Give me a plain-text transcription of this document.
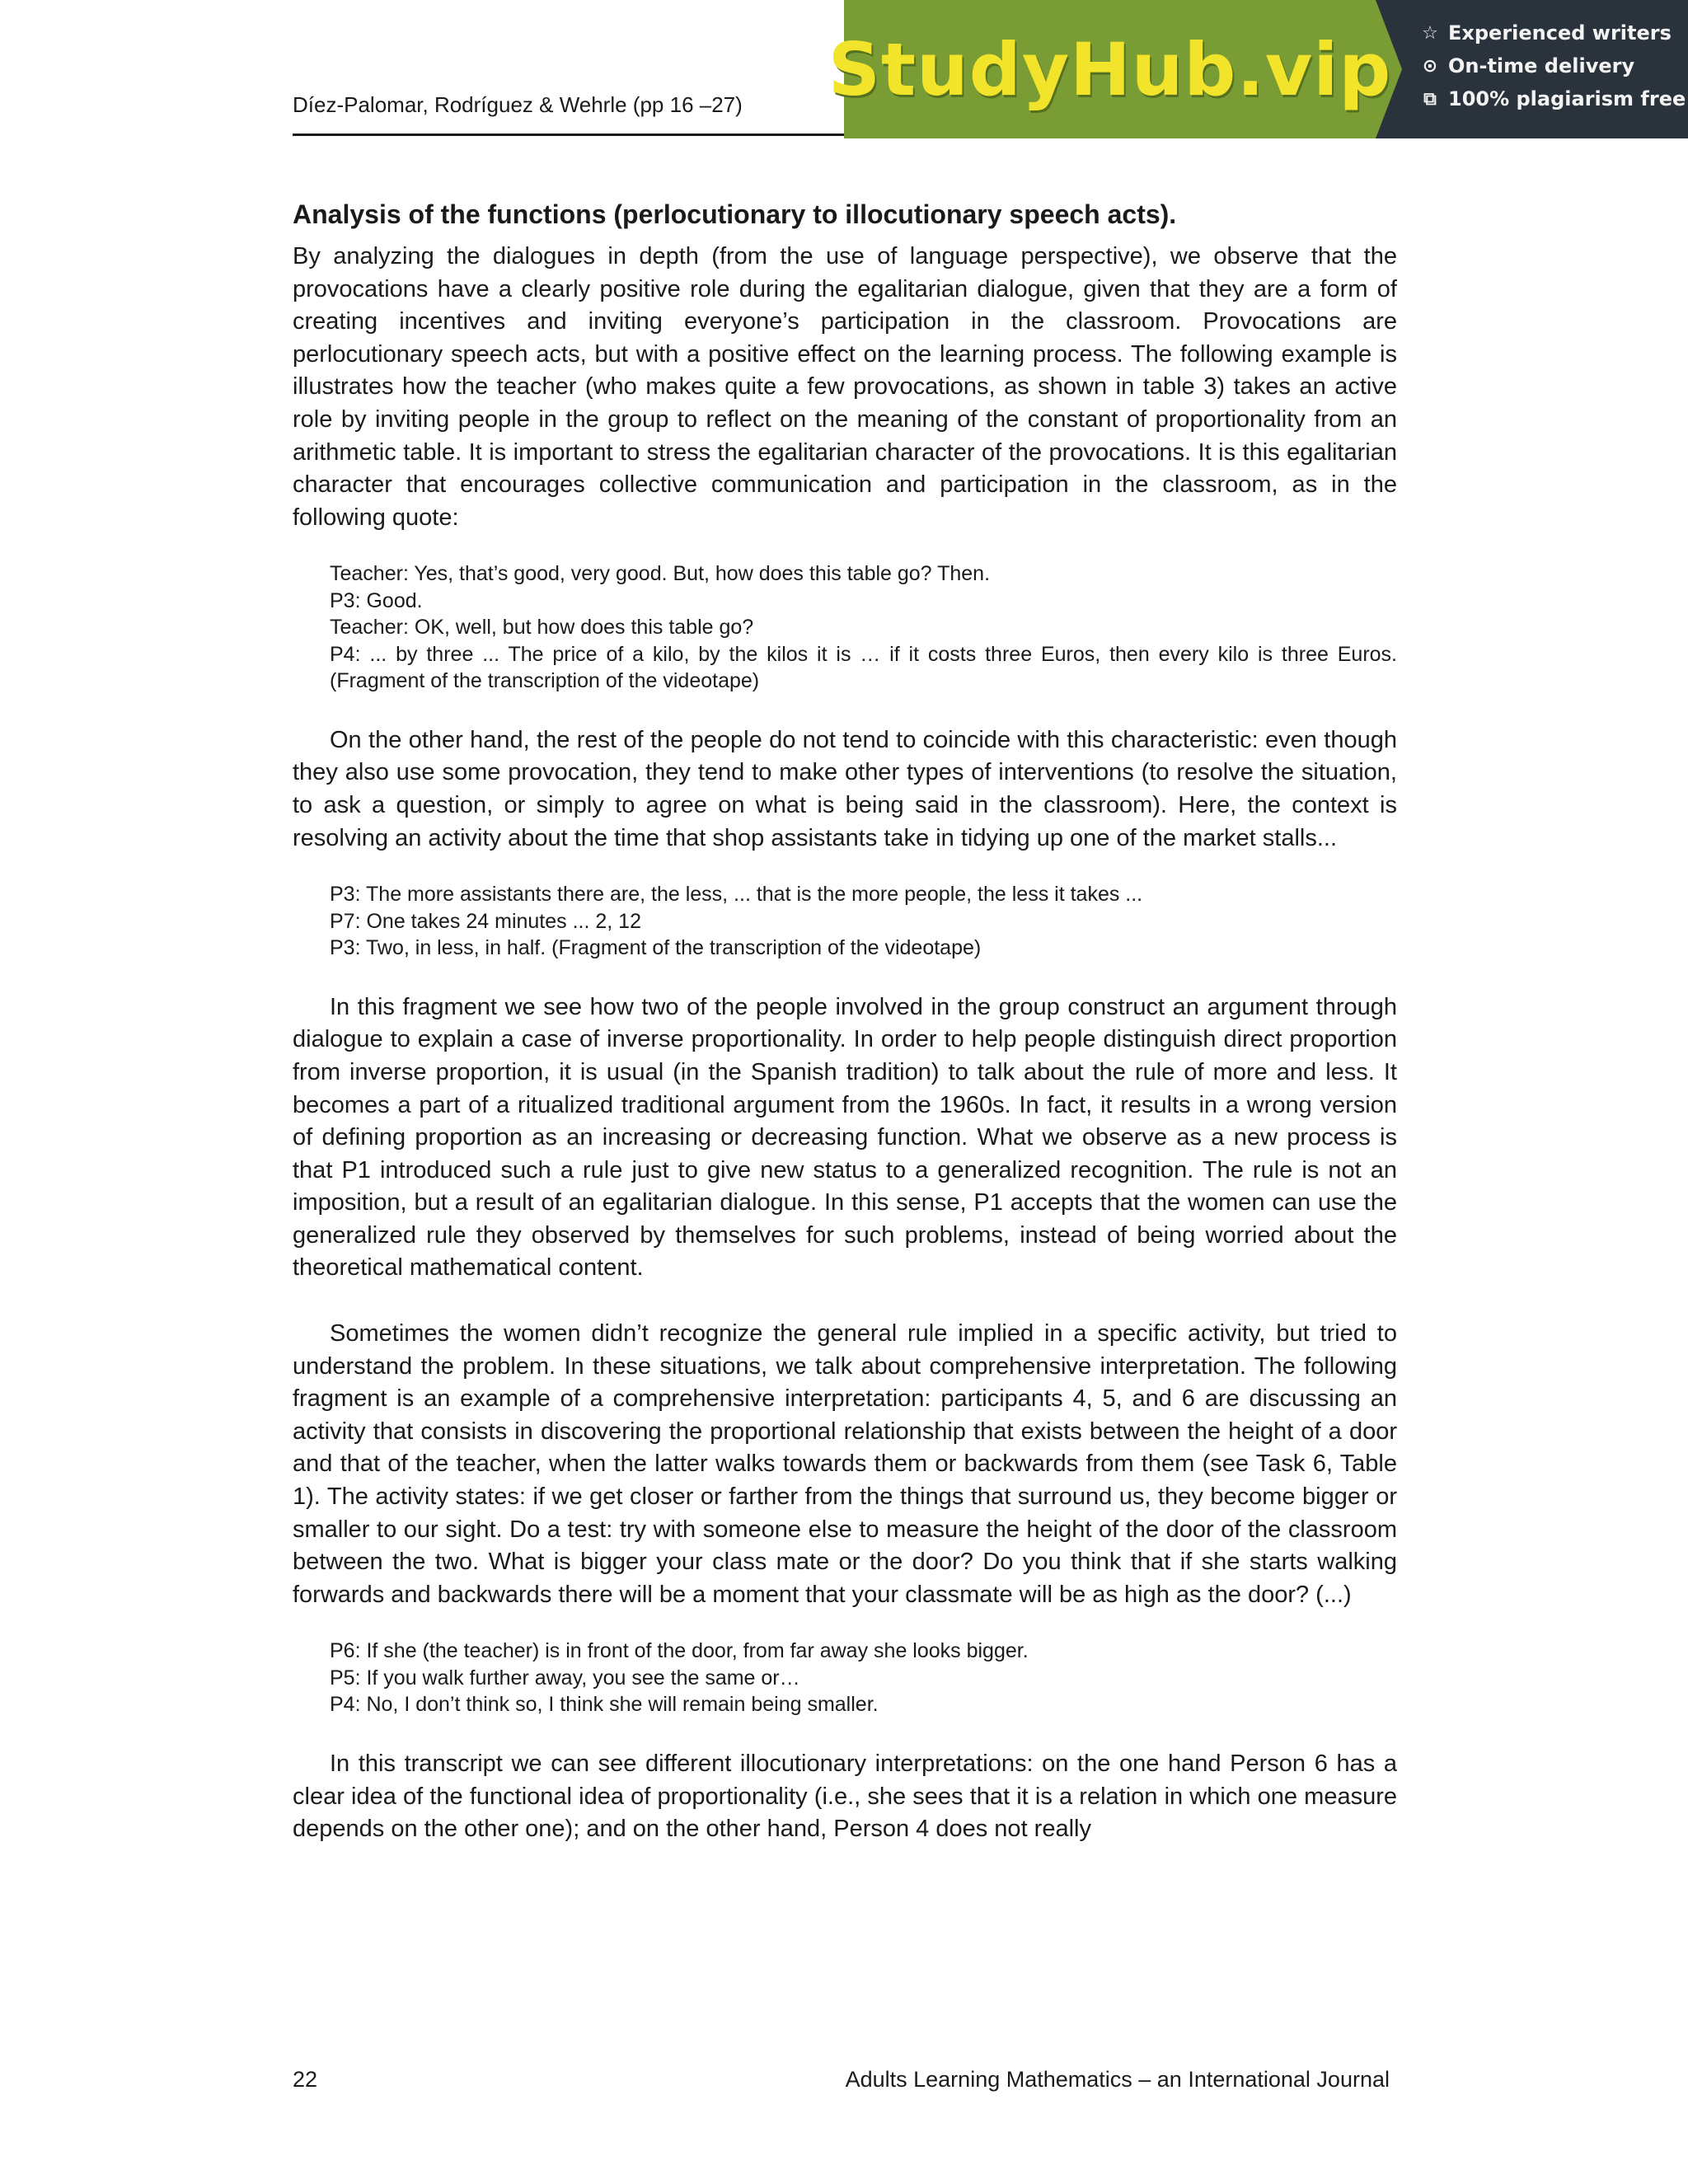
Díez-Palomar, Rodríguez & Wehrle (pp 16 –27) StudyHub.vip ☆ Experienced writers
⊙ On-time delivery
⧉ 100% plagiarism free
Analysis of the functions (perlocutionary to illocutionary speech acts).

By analyzing the dialogues in depth (from the use of language perspective), we observe that the provocations have a clearly positive role during the egalitarian dialogue, given that they are a form of creating incentives and inviting everyone’s participation in the classroom. Provocations are perlocutionary speech acts, but with a positive effect on the learning process. The following example is illustrates how the teacher (who makes quite a few provocations, as shown in table 3) takes an active role by inviting people in the group to reflect on the meaning of the constant of proportionality from an arithmetic table. It is important to stress the egalitarian character of the provocations. It is this egalitarian character that encourages collective communication and participation in the classroom, as in the following quote:

Teacher: Yes, that’s good, very good. But, how does this table go? Then.
P3: Good.
Teacher: OK, well, but how does this table go?
P4: ... by three ... The price of a kilo, by the kilos it is … if it costs three Euros, then every kilo is three Euros. (Fragment of the transcription of the videotape)

On the other hand, the rest of the people do not tend to coincide with this characteristic: even though they also use some provocation, they tend to make other types of interventions (to resolve the situation, to ask a question, or simply to agree on what is being said in the classroom). Here, the context is resolving an activity about the time that shop assistants take in tidying up one of the market stalls...

P3: The more assistants there are, the less, ... that is the more people, the less it takes ...
P7: One takes 24 minutes ... 2, 12
P3: Two, in less, in half. (Fragment of the transcription of the videotape)

In this fragment we see how two of the people involved in the group construct an argument through dialogue to explain a case of inverse proportionality. In order to help people distinguish direct proportion from inverse proportion, it is usual (in the Spanish tradition) to talk about the rule of more and less. It becomes a part of a ritualized traditional argument from the 1960s. In fact, it results in a wrong version of defining proportion as an increasing or decreasing function. What we observe as a new process is that P1 introduced such a rule just to give new status to a generalized recognition. The rule is not an imposition, but a result of an egalitarian dialogue. In this sense, P1 accepts that the women can use the generalized rule they observed by themselves for such problems, instead of being worried about the theoretical mathematical content.

Sometimes the women didn’t recognize the general rule implied in a specific activity, but tried to understand the problem. In these situations, we talk about comprehensive interpretation. The following fragment is an example of a comprehensive interpretation: participants 4, 5, and 6 are discussing an activity that consists in discovering the proportional relationship that exists between the height of a door and that of the teacher, when the latter walks towards them or backwards from them (see Task 6, Table 1). The activity states: if we get closer or farther from the things that surround us, they become bigger or smaller to our sight. Do a test: try with someone else to measure the height of the door of the classroom between the two. What is bigger your class mate or the door? Do you think that if she starts walking forwards and backwards there will be a moment that your classmate will be as high as the door? (...)

P6: If she (the teacher) is in front of the door, from far away she looks bigger.
P5: If you walk further away, you see the same or…
P4: No, I don’t think so, I think she will remain being smaller.

In this transcript we can see different illocutionary interpretations: on the one hand Person 6 has a clear idea of the functional idea of proportionality (i.e., she sees that it is a relation in which one measure depends on the other one); and on the other hand, Person 4 does not really

22	Adults Learning Mathematics – an International Journal
